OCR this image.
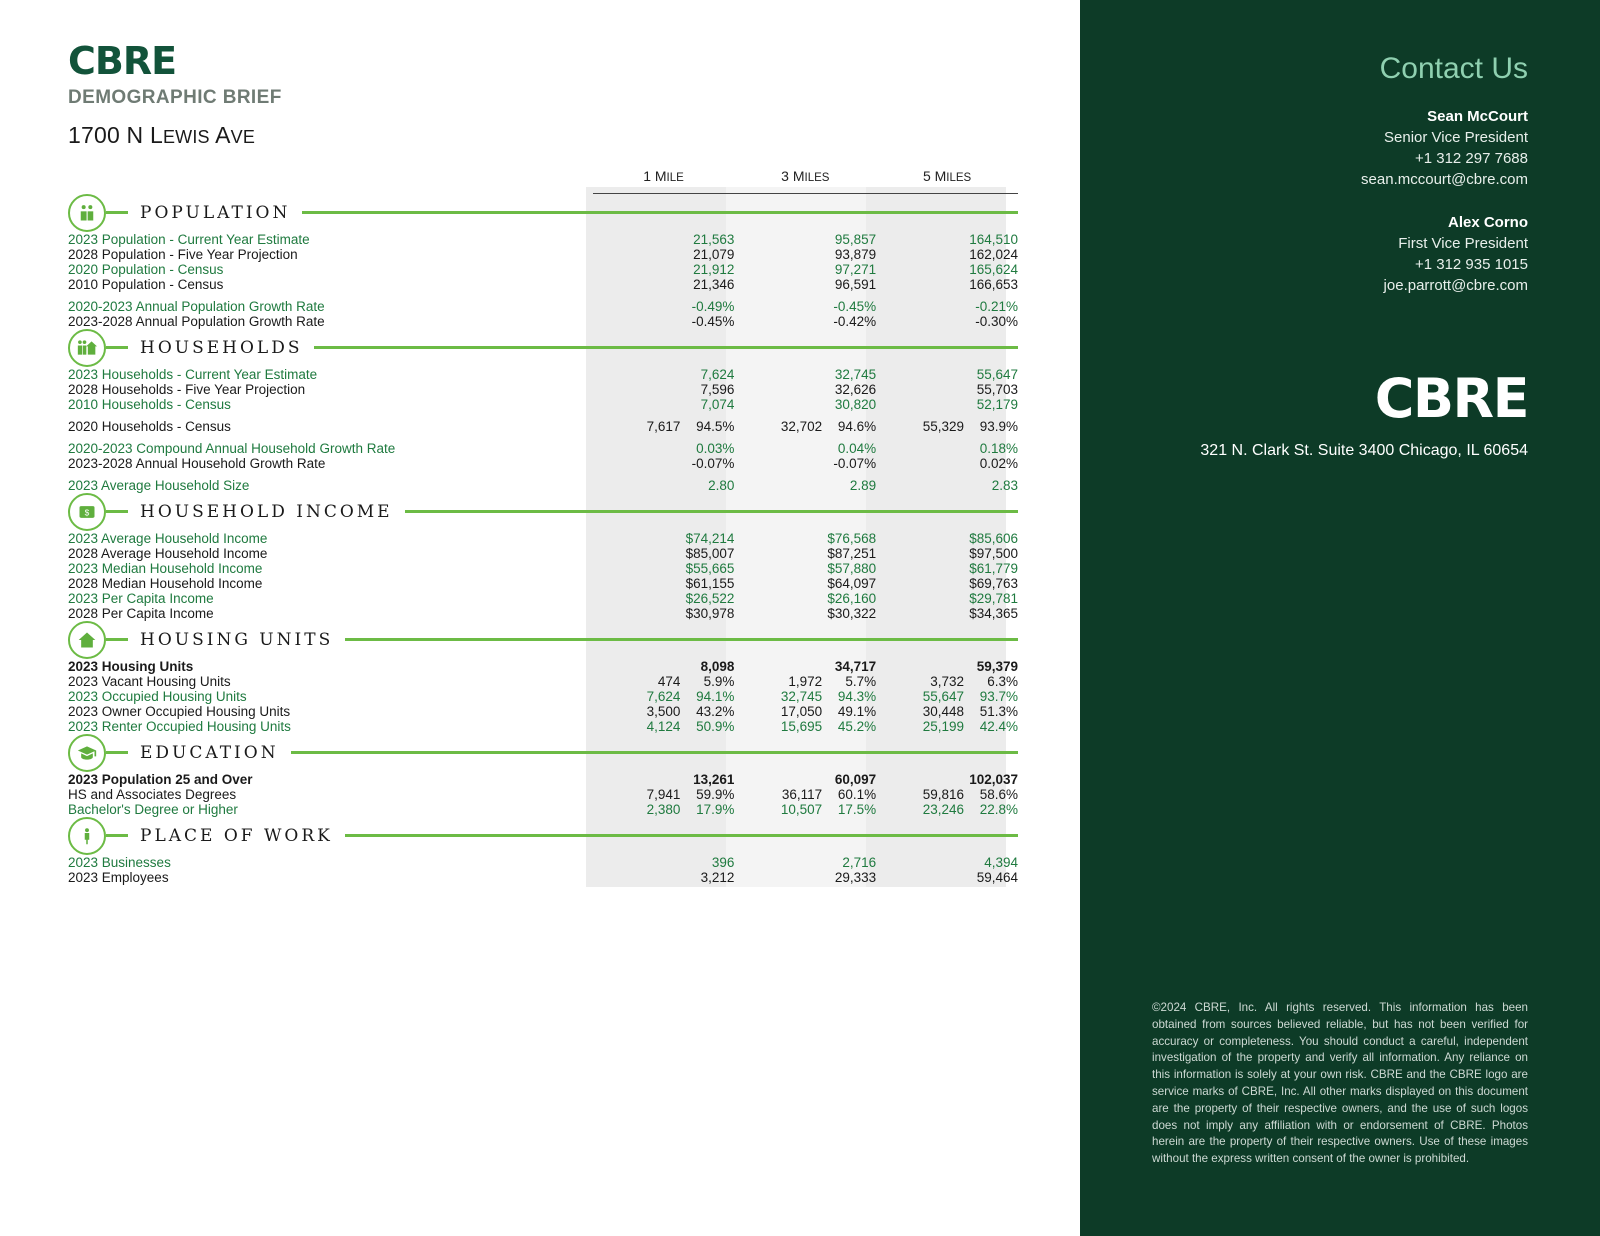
CBRE
DEMOGRAPHIC BRIEF
1700 N LEWIS AVE
	1 MILE	3 MILES	5 MILES

POPULATION			

2023 Population - Current Year Estimate	21,563	95,857	164,510
2028 Population - Five Year Projection	21,079	93,879	162,024
2020 Population - Census	21,912	97,271	165,624
2010 Population - Census	21,346	96,591	166,653

2020-2023 Annual Population Growth Rate	-0.49%	-0.45%	-0.21%
2023-2028 Annual Population Growth Rate	-0.45%	-0.42%	-0.30%

HOUSEHOLDS			

2023 Households - Current Year Estimate	7,624	32,745	55,647
2028 Households - Five Year Projection	7,596	32,626	55,703
2010 Households - Census	7,074	30,820	52,179

2020 Households - Census	7,617 94.5%	32,702 94.6%	55,329 93.9%

2020-2023 Compound Annual Household Growth Rate	0.03%	0.04%	0.18%
2023-2028 Annual Household Growth Rate	-0.07%	-0.07%	0.02%

2023 Average Household Size	2.80	2.89	2.83

$ HOUSEHOLD INCOME			

2023 Average Household Income	$74,214	$76,568	$85,606
2028 Average Household Income	$85,007	$87,251	$97,500
2023 Median Household Income	$55,665	$57,880	$61,779
2028 Median Household Income	$61,155	$64,097	$69,763
2023 Per Capita Income	$26,522	$26,160	$29,781
2028 Per Capita Income	$30,978	$30,322	$34,365

HOUSING UNITS			

2023 Housing Units	8,098	34,717	59,379
2023 Vacant Housing Units	474 5.9%	1,972 5.7%	3,732 6.3%
2023 Occupied Housing Units	7,624 94.1%	32,745 94.3%	55,647 93.7%
2023 Owner Occupied Housing Units	3,500 43.2%	17,050 49.1%	30,448 51.3%
2023 Renter Occupied Housing Units	4,124 50.9%	15,695 45.2%	25,199 42.4%

EDUCATION			

2023 Population 25 and Over	13,261	60,097	102,037
HS and Associates Degrees	7,941 59.9%	36,117 60.1%	59,816 58.6%
Bachelor's Degree or Higher	2,380 17.9%	10,507 17.5%	23,246 22.8%

PLACE OF WORK			

2023 Businesses	396	2,716	4,394
2023 Employees	3,212	29,333	59,464
Contact Us
Sean McCourt
Senior Vice President
+1 312 297 7688
sean.mccourt@cbre.com
Alex Corno
First Vice President
+1 312 935 1015
joe.parrott@cbre.com
CBRE
321 N. Clark St. Suite 3400 Chicago, IL 60654
©2024 CBRE, Inc. All rights reserved. This information has been obtained from sources believed reliable, but has not been verified for accuracy or completeness. You should conduct a careful, independent investigation of the property and verify all information. Any reliance on this information is solely at your own risk. CBRE and the CBRE logo are service marks of CBRE, Inc. All other marks displayed on this document are the property of their respective owners, and the use of such logos does not imply any affiliation with or endorsement of CBRE. Photos herein are the property of their respective owners. Use of these images without the express written consent of the owner is prohibited.
